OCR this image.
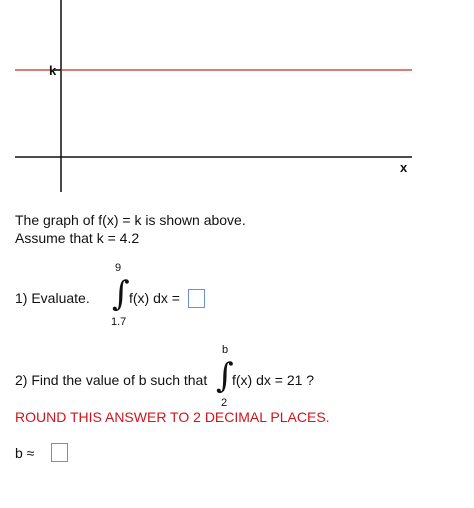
k
x
The graph of f(x) = k is shown above.
Assume that k = 4.2
9
1) Evaluate. ∫ f(x) dx =
1.7
b
2) Find the value of b such that ∫
f(x) dx = 21 ?
2
ROUND THIS ANSWER TO 2 DECIMAL PLACES.
b ≈
